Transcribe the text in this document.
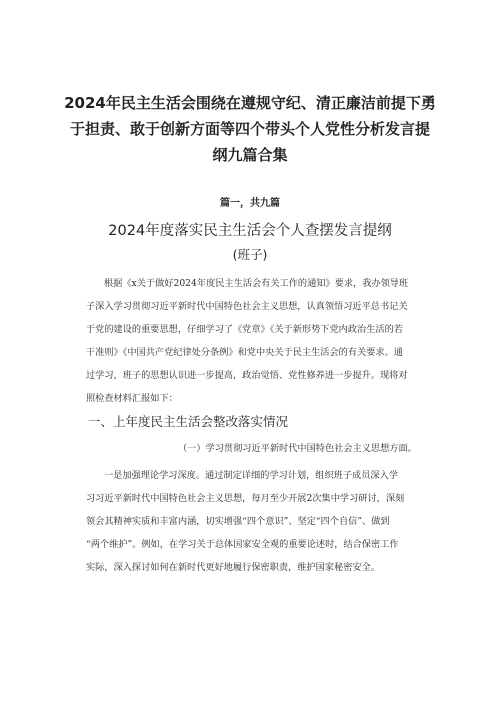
2024年民主生活会围绕在遵规守纪、清正廉洁前提下勇
于担责、敢于创新方面等四个带头个人党性分析发言提
纲九篇合集
篇一，共九篇
2024年度落实民主生活会个人查摆发言提纲
(班子)
根据《x关于做好2024年度民主生活会有关工作的通知》要求，我办领导班
子深入学习贯彻习近平新时代中国特色社会主义思想，认真领悟习近平总书记关
于党的建设的重要思想，仔细学习了《党章》《关于新形势下党内政治生活的若
干准则》《中国共产党纪律处分条例》和党中央关于民主生活会的有关要求。通
过学习，班子的思想认识进一步提高，政治觉悟、党性修养进一步提升。现将对
照检查材料汇报如下：
一、上年度民主生活会整改落实情况
（一）学习贯彻习近平新时代中国特色社会主义思想方面。
一是加强理论学习深度。通过制定详细的学习计划，组织班子成员深入学
习习近平新时代中国特色社会主义思想，每月至少开展2次集中学习研讨，深刻
领会其精神实质和丰富内涵，切实增强“四个意识”、坚定“四个自信”、做到
“两个维护”。例如，在学习关于总体国家安全观的重要论述时，结合保密工作
实际，深入探讨如何在新时代更好地履行保密职责，维护国家秘密安全。
